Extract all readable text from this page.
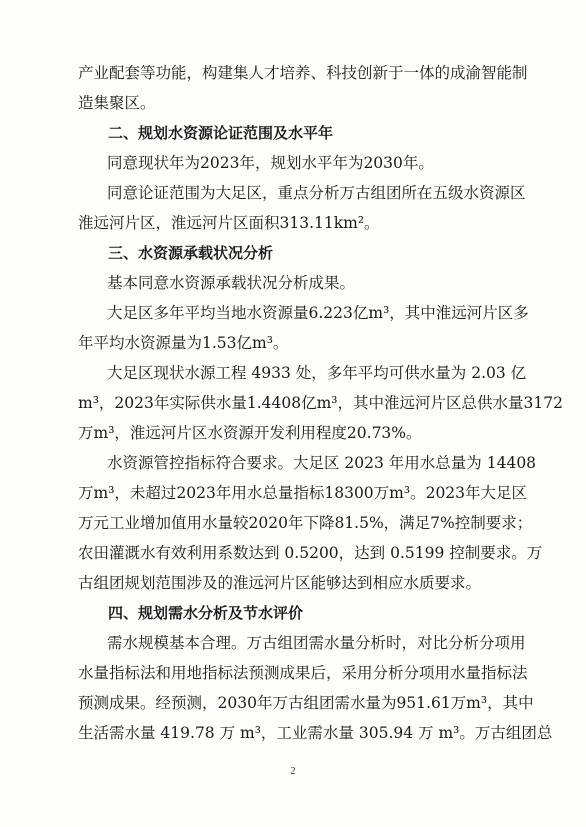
产业配套等功能，构建集人才培养、科技创新于一体的成渝智能制
造集聚区。
二、规划水资源论证范围及水平年
同意现状年为2023年，规划水平年为2030年。
同意论证范围为大足区，重点分析万古组团所在五级水资源区
淮远河片区，淮远河片区面积313.11km²。
三、水资源承载状况分析
基本同意水资源承载状况分析成果。
大足区多年平均当地水资源量6.223亿m³，其中淮远河片区多
年平均水资源量为1.53亿m³。
大足区现状水源工程 4933 处，多年平均可供水量为 2.03 亿
m³，2023年实际供水量1.4408亿m³，其中淮远河片区总供水量3172
万m³，淮远河片区水资源开发利用程度20.73%。
水资源管控指标符合要求。大足区 2023 年用水总量为 14408
万m³，未超过2023年用水总量指标18300万m³。2023年大足区
万元工业增加值用水量较2020年下降81.5%，满足7%控制要求；
农田灌溉水有效利用系数达到 0.5200，达到 0.5199 控制要求。万
古组团规划范围涉及的淮远河片区能够达到相应水质要求。
四、规划需水分析及节水评价
需水规模基本合理。万古组团需水量分析时，对比分析分项用
水量指标法和用地指标法预测成果后，采用分析分项用水量指标法
预测成果。经预测，2030年万古组团需水量为951.61万m³，其中
生活需水量 419.78 万 m³，工业需水量 305.94 万 m³。万古组团总
2
